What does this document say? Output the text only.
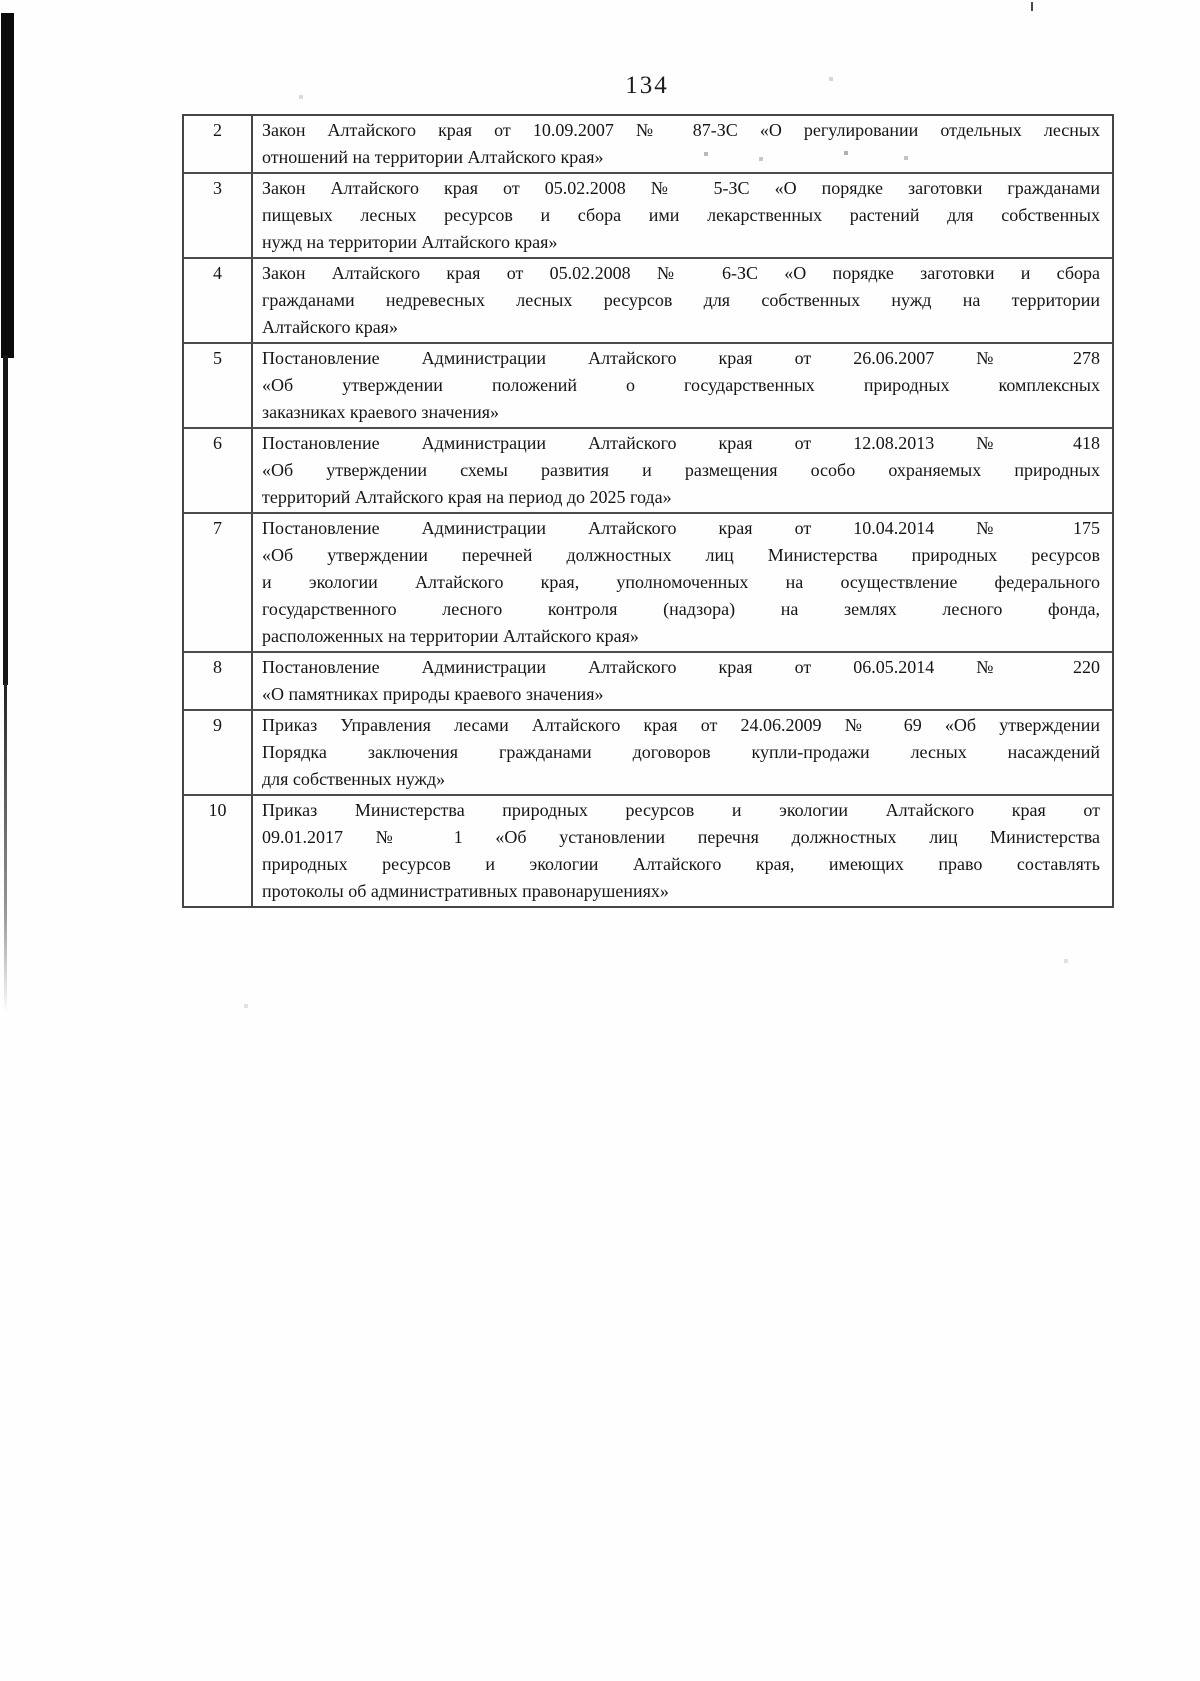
134
2	Закон Алтайского края от 10.09.2007 № 87-ЗС «О регулировании отдельных лесных
отношений на территории Алтайского края»
3	Закон Алтайского края от 05.02.2008 № 5-ЗС «О порядке заготовки гражданами
пищевых лесных ресурсов и сбора ими лекарственных растений для собственных
нужд на территории Алтайского края»
4	Закон Алтайского края от 05.02.2008 № 6-ЗС «О порядке заготовки и сбора
гражданами недревесных лесных ресурсов для собственных нужд на территории
Алтайского края»
5	Постановление Администрации Алтайского края от 26.06.2007 № 278
«Об утверждении положений о государственных природных комплексных
заказниках краевого значения»
6	Постановление Администрации Алтайского края от 12.08.2013 № 418
«Об утверждении схемы развития и размещения особо охраняемых природных
территорий Алтайского края на период до 2025 года»
7	Постановление Администрации Алтайского края от 10.04.2014 № 175
«Об утверждении перечней должностных лиц Министерства природных ресурсов
и экологии Алтайского края, уполномоченных на осуществление федерального
государственного лесного контроля (надзора) на землях лесного фонда,
расположенных на территории Алтайского края»
8	Постановление Администрации Алтайского края от 06.05.2014 № 220
«О памятниках природы краевого значения»
9	Приказ Управления лесами Алтайского края от 24.06.2009 № 69 «Об утверждении
Порядка заключения гражданами договоров купли-продажи лесных насаждений
для собственных нужд»
10	Приказ Министерства природных ресурсов и экологии Алтайского края от
09.01.2017 № 1 «Об установлении перечня должностных лиц Министерства
природных ресурсов и экологии Алтайского края, имеющих право составлять
протоколы об административных правонарушениях»
